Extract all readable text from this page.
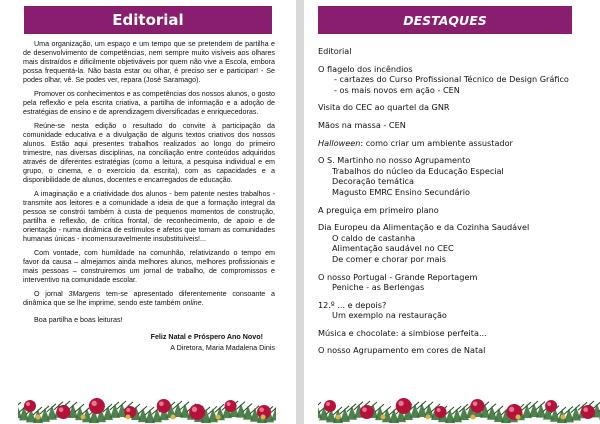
Editorial

Uma organização, um espaço e um tempo que se pretendem de partilha e de desenvolvimento de competências, nem sempre muito visíveis aos olhares mais distraídos e dificilmente objetiváveis por quem não vive a Escola, embora possa frequentá-la. Não basta estar ou olhar, é preciso ser e participar! - Se podes olhar, vê. Se podes ver, repara (José Saramago).

Promover os conhecimentos e as competências dos nossos alunos, o gosto pela reflexão e pela escrita criativa, a partilha de informação e a adoção de estratégias de ensino e de aprendizagem diversificadas e enriquecedoras.

Reúne-se nesta edição o resultado do convite à participação da comunidade educativa e a divulgação de alguns textos criativos dos nossos alunos. Estão aqui presentes trabalhos realizados ao longo do primeiro trimestre, nas diversas disciplinas, na conciliação entre conteúdos adquiridos através de diferentes estratégias (como a leitura, a pesquisa individual e em grupo, o cinema, e o exercício da escrita), com as capacidades e a disponibilidade de alunos, docentes e encarregados de educação.

A imaginação e a criatividade dos alunos - bem patente nestes trabalhos - transmite aos leitores e a comunidade a ideia de que a formação integral da pessoa se constrói também à custa de pequenos momentos de construção, partilha e reflexão, de crítica frontal, de reconhecimento, de apoio e de orientação - numa dinâmica de estímulos e afetos que tornam as comunidades humanas únicas - incomensuravelmente insubstituíveis!...

Com vontade, com humildade na comunhão, relativizando o tempo em favor da causa – almejamos ainda melhores alunos, melhores profissionais e mais pessoas – construiremos um jornal de trabalho, de compromissos e interventivo na comunidade escolar.

O jornal 3Margens tem-se apresentado diferentemente consoante a dinâmica que se lhe imprime, sendo este também online.

Boa partilha e boas leituras!
Feliz Natal e Próspero Ano Novo!
A Diretora, Maria Madalena Dinis
DESTAQUES
Editorial
O flagelo dos incêndios
- cartazes do Curso Profissional Técnico de Design Gráfico
- os mais novos em ação - CEN
Visita do CEC ao quartel da GNR
Mãos na massa - CEN
Halloween: como criar um ambiente assustador
O S. Martinho no nosso Agrupamento
Trabalhos do núcleo da Educação Especial
Decoração temática
Magusto EMRC Ensino Secundário
A preguiça em primeiro plano
Dia Europeu da Alimentação e da Cozinha Saudável
O caldo de castanha
Alimentação saudável no CEC
De comer e chorar por mais
O nosso Portugal - Grande Reportagem
Peniche - as Berlengas
12.º ... e depois?
Um exemplo na restauração
Música e chocolate: a simbiose perfeita...
O nosso Agrupamento em cores de Natal
